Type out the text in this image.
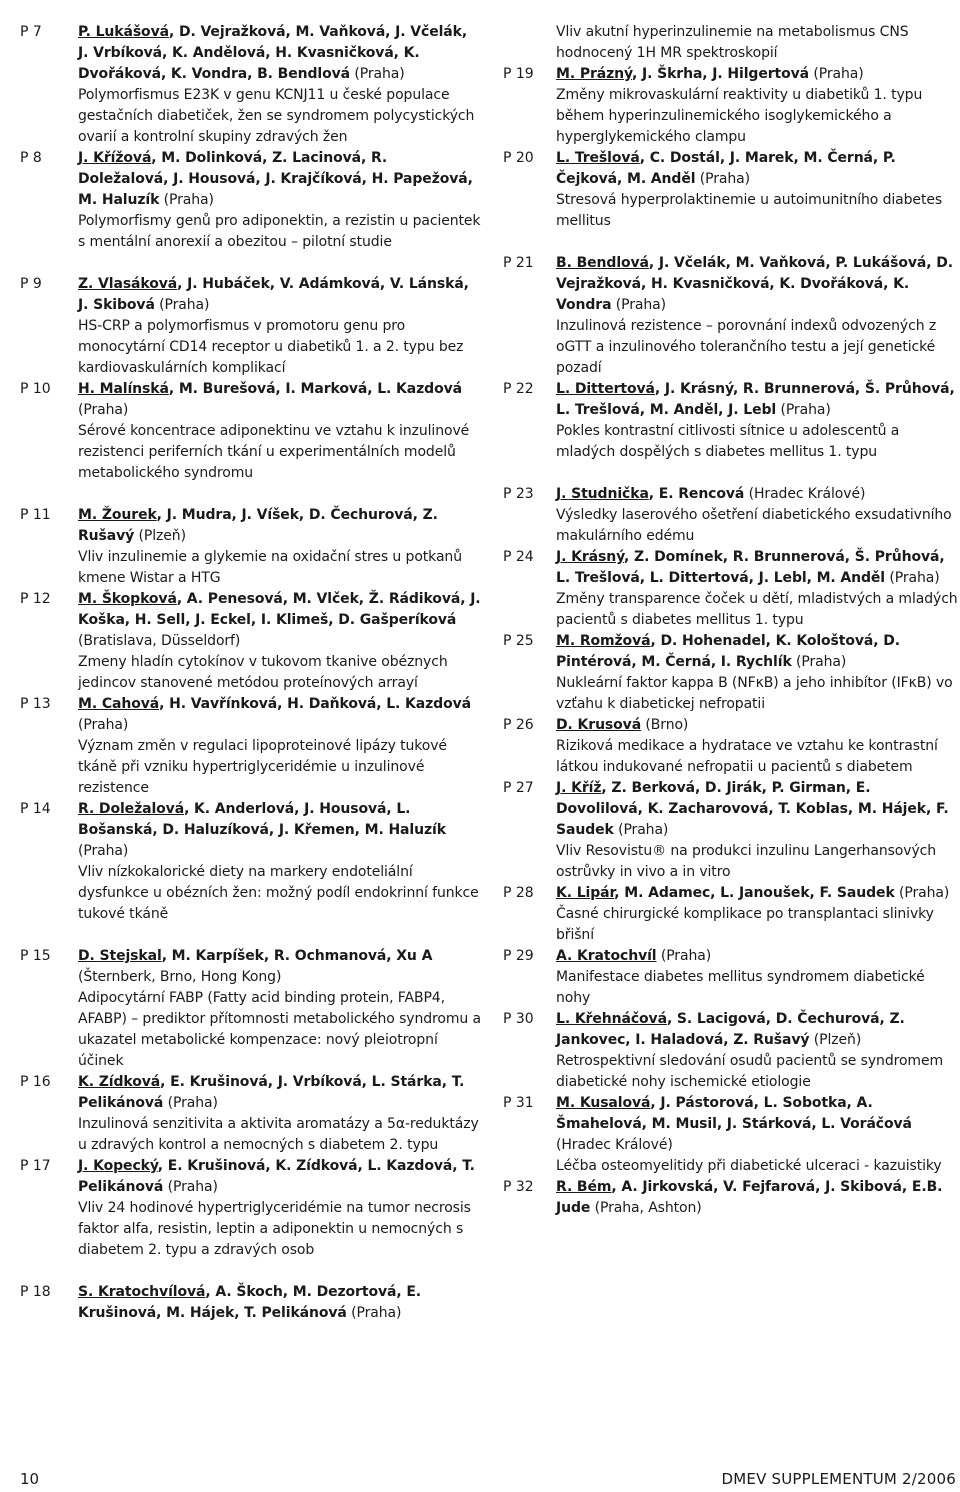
P 7	P. Lukášová, D. Vejražková, M. Vaňková, J. Včelák, J. Vrbíková, K. Andělová, H. Kvasničková, K. Dvořáková, K. Vondra, B. Bendlová (Praha)
Polymorfismus E23K v genu KCNJ11 u české populace gestačních diabetiček, žen se syndromem polycystických ovarií a kontrolní skupiny zdravých žen
P 8	J. Křížová, M. Dolinková, Z. Lacinová, R. Doležalová, J. Housová, J. Krajčíková, H. Papežová, M. Haluzík (Praha)
Polymorfismy genů pro adiponektin, a rezistin u pacientek s mentální anorexií a obezitou – pilotní studie
P 9	Z. Vlasáková, J. Hubáček, V. Adámková, V. Lánská, J. Skibová (Praha)
HS-CRP a polymorfismus v promotoru genu pro monocytární CD14 receptor u diabetiků 1. a 2. typu bez kardiovaskulárních komplikací
P 10	H. Malínská, M. Burešová, I. Marková, L. Kazdová (Praha)
Sérové koncentrace adiponektinu ve vztahu k inzulinové rezistenci periferních tkání u experimentálních modelů metabolického syndromu
P 11	M. Žourek, J. Mudra, J. Víšek, D. Čechurová, Z. Rušavý (Plzeň)
Vliv inzulinemie a glykemie na oxidační stres u potkanů kmene Wistar a HTG
P 12	M. Škopková, A. Penesová, M. Vlček, Ž. Rádiková, J. Koška, H. Sell, J. Eckel, I. Klimeš, D. Gašperíková (Bratislava, Düsseldorf)
Zmeny hladín cytokínov v tukovom tkanive obéznych jedincov stanovené metódou proteínových arrayí
P 13	M. Cahová, H. Vavřínková, H. Daňková, L. Kazdová (Praha)
Význam změn v regulaci lipoproteinové lipázy tukové tkáně při vzniku hypertriglyceridémie u inzulinové rezistence
P 14	R. Doležalová, K. Anderlová, J. Housová, L. Bošanská, D. Haluzíková, J. Křemen, M. Haluzík (Praha)
Vliv nízkokalorické diety na markery endoteliální dysfunkce u obézních žen: možný podíl endokrinní funkce tukové tkáně
P 15	D. Stejskal, M. Karpíšek, R. Ochmanová, Xu A (Šternberk, Brno, Hong Kong)
Adipocytární FABP (Fatty acid binding protein, FABP4, AFABP) – prediktor přítomnosti metabolického syndromu a ukazatel metabolické kompenzace: nový pleiotropní účinek
P 16	K. Zídková, E. Krušinová, J. Vrbíková, L. Stárka, T. Pelikánová (Praha)
Inzulinová senzitivita a aktivita aromatázy a 5α-reduktázy u zdravých kontrol a nemocných s diabetem 2. typu
P 17	J. Kopecký, E. Krušinová, K. Zídková, L. Kazdová, T. Pelikánová (Praha)
Vliv 24 hodinové hypertriglyceridémie na tumor necrosis faktor alfa, resistin, leptin a adiponektin u nemocných s diabetem 2. typu a zdravých osob
P 18	S. Kratochvílová, A. Škoch, M. Dezortová, E. Krušinová, M. Hájek, T. Pelikánová (Praha)
Vliv akutní hyperinzulinemie na metabolismus CNS hodnocený 1H MR spektroskopií
P 19	M. Prázný, J. Škrha, J. Hilgertová (Praha)
Změny mikrovaskulární reaktivity u diabetiků 1. typu během hyperinzulinemického isoglykemického a hyperglykemického clampu
P 20	L. Trešlová, C. Dostál, J. Marek, M. Černá, P. Čejková, M. Anděl (Praha)
Stresová hyperprolaktinemie u autoimunitního diabetes mellitus
P 21	B. Bendlová, J. Včelák, M. Vaňková, P. Lukášová, D. Vejražková, H. Kvasničková, K. Dvořáková, K. Vondra (Praha)
Inzulinová rezistence – porovnání indexů odvozených z oGTT a inzulinového tolerančního testu a její genetické pozadí
P 22	L. Dittertová, J. Krásný, R. Brunnerová, Š. Průhová, L. Trešlová, M. Anděl, J. Lebl (Praha)
Pokles kontrastní citlivosti sítnice u adolescentů a mladých dospělých s diabetes mellitus 1. typu
P 23	J. Studnička, E. Rencová (Hradec Králové)
Výsledky laserového ošetření diabetického exsudativního makulárního edému
P 24	J. Krásný, Z. Domínek, R. Brunnerová, Š. Průhová, L. Trešlová, L. Dittertová, J. Lebl, M. Anděl (Praha)
Změny transparence čoček u dětí, mladistvých a mladých pacientů s diabetes mellitus 1. typu
P 25	M. Romžová, D. Hohenadel, K. Kološtová, D. Pintérová, M. Černá, I. Rychlík (Praha)
Nukleární faktor kappa B (NFκB) a jeho inhibítor (IFκB) vo vzťahu k diabetickej nefropatii
P 26	D. Krusová (Brno)
Riziková medikace a hydratace ve vztahu ke kontrastní látkou indukované nefropatii u pacientů s diabetem
P 27	J. Kříž, Z. Berková, D. Jirák, P. Girman, E. Dovolilová, K. Zacharovová, T. Koblas, M. Hájek, F. Saudek (Praha)
Vliv Resovistu® na produkci inzulinu Langerhansových ostrůvky in vivo a in vitro
P 28	K. Lipár, M. Adamec, L. Janoušek, F. Saudek (Praha)
Časné chirurgické komplikace po transplantaci slinivky břišní
P 29	A. Kratochvíl (Praha)
Manifestace diabetes mellitus syndromem diabetické nohy
P 30	L. Křehnáčová, S. Lacigová, D. Čechurová, Z. Jankovec, I. Haladová, Z. Rušavý (Plzeň)
Retrospektivní sledování osudů pacientů se syndromem diabetické nohy ischemické etiologie
P 31	M. Kusalová, J. Pástorová, L. Sobotka, A. Šmahelová, M. Musil, J. Stárková, L. Voráčová (Hradec Králové)
Léčba osteomyelitidy při diabetické ulceraci - kazuistiky
P 32	R. Bém, A. Jirkovská, V. Fejfarová, J. Skibová, E.B. Jude (Praha, Ashton)
10	DMEV SUPPLEMENTUM 2/2006
